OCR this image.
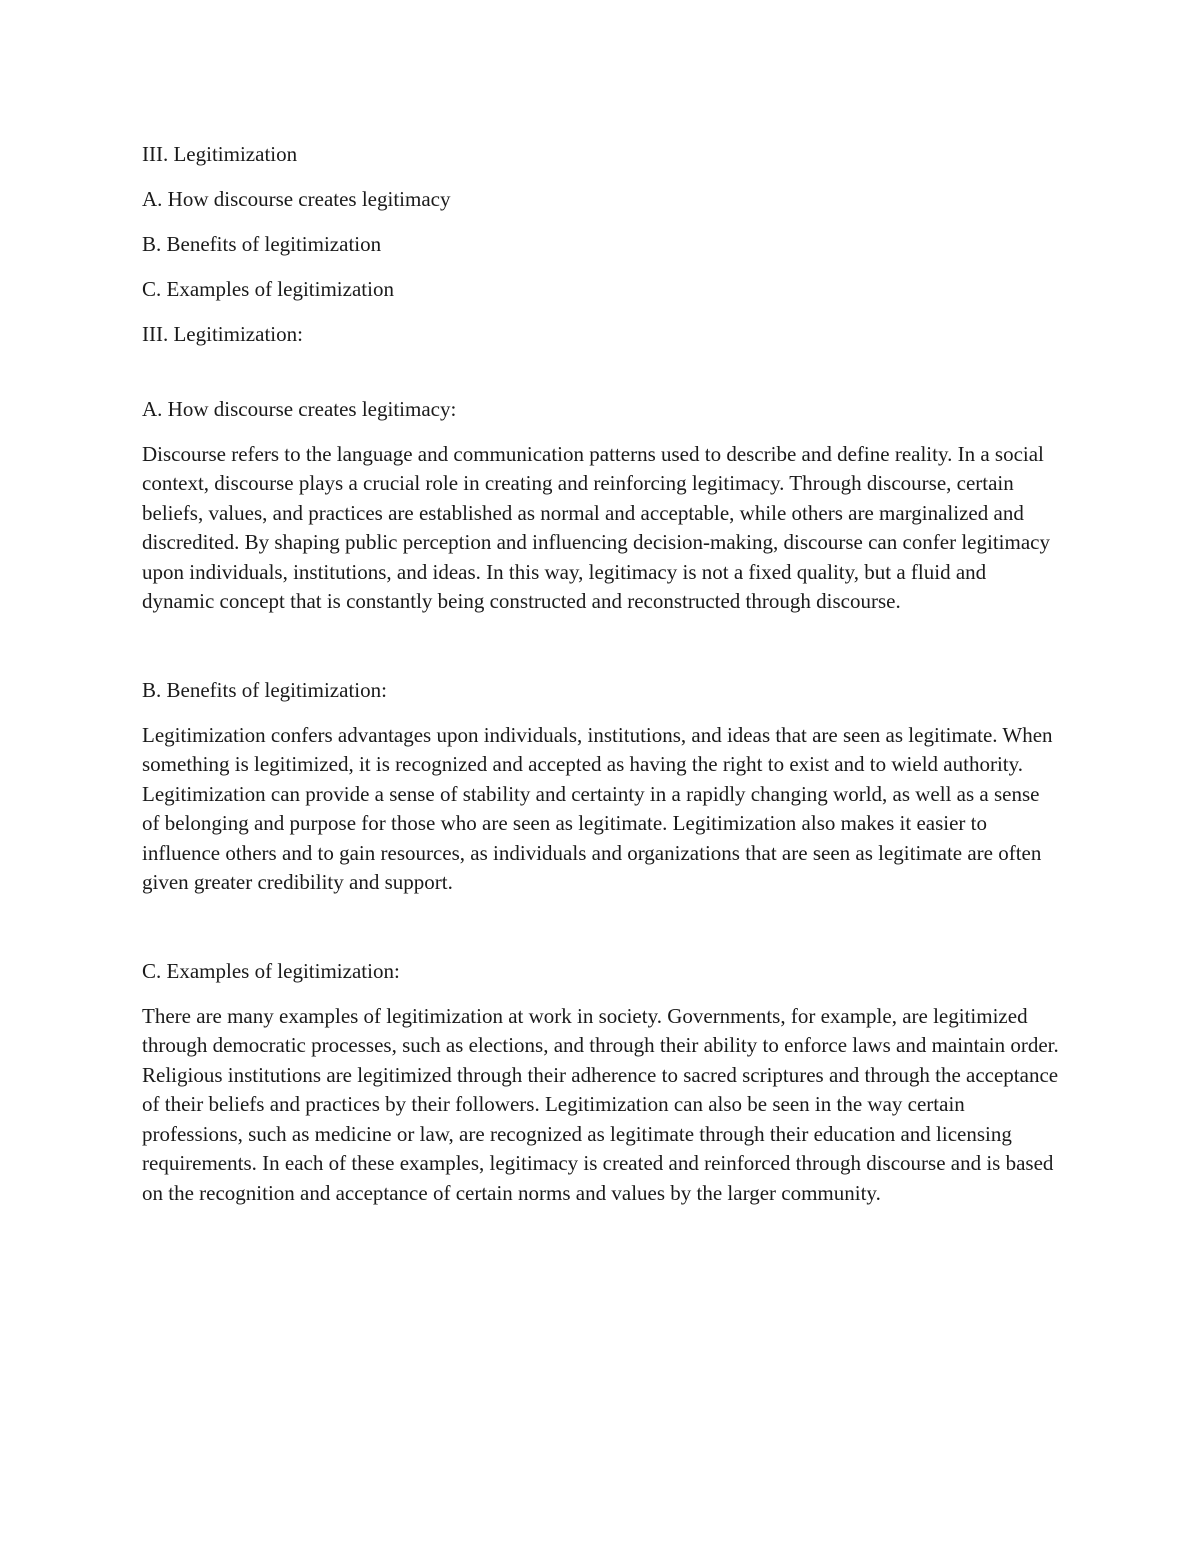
III. Legitimization

A. How discourse creates legitimacy

B. Benefits of legitimization

C. Examples of legitimization

III. Legitimization:

A. How discourse creates legitimacy:

Discourse refers to the language and communication patterns used to describe and define reality. In a social context, discourse plays a crucial role in creating and reinforcing legitimacy. Through discourse, certain beliefs, values, and practices are established as normal and acceptable, while others are marginalized and discredited. By shaping public perception and influencing decision-making, discourse can confer legitimacy upon individuals, institutions, and ideas. In this way, legitimacy is not a fixed quality, but a fluid and dynamic concept that is constantly being constructed and reconstructed through discourse.

B. Benefits of legitimization:

Legitimization confers advantages upon individuals, institutions, and ideas that are seen as legitimate. When something is legitimized, it is recognized and accepted as having the right to exist and to wield authority. Legitimization can provide a sense of stability and certainty in a rapidly changing world, as well as a sense of belonging and purpose for those who are seen as legitimate. Legitimization also makes it easier to influence others and to gain resources, as individuals and organizations that are seen as legitimate are often given greater credibility and support.

C. Examples of legitimization:

There are many examples of legitimization at work in society. Governments, for example, are legitimized through democratic processes, such as elections, and through their ability to enforce laws and maintain order. Religious institutions are legitimized through their adherence to sacred scriptures and through the acceptance of their beliefs and practices by their followers. Legitimization can also be seen in the way certain professions, such as medicine or law, are recognized as legitimate through their education and licensing requirements. In each of these examples, legitimacy is created and reinforced through discourse and is based on the recognition and acceptance of certain norms and values by the larger community.
